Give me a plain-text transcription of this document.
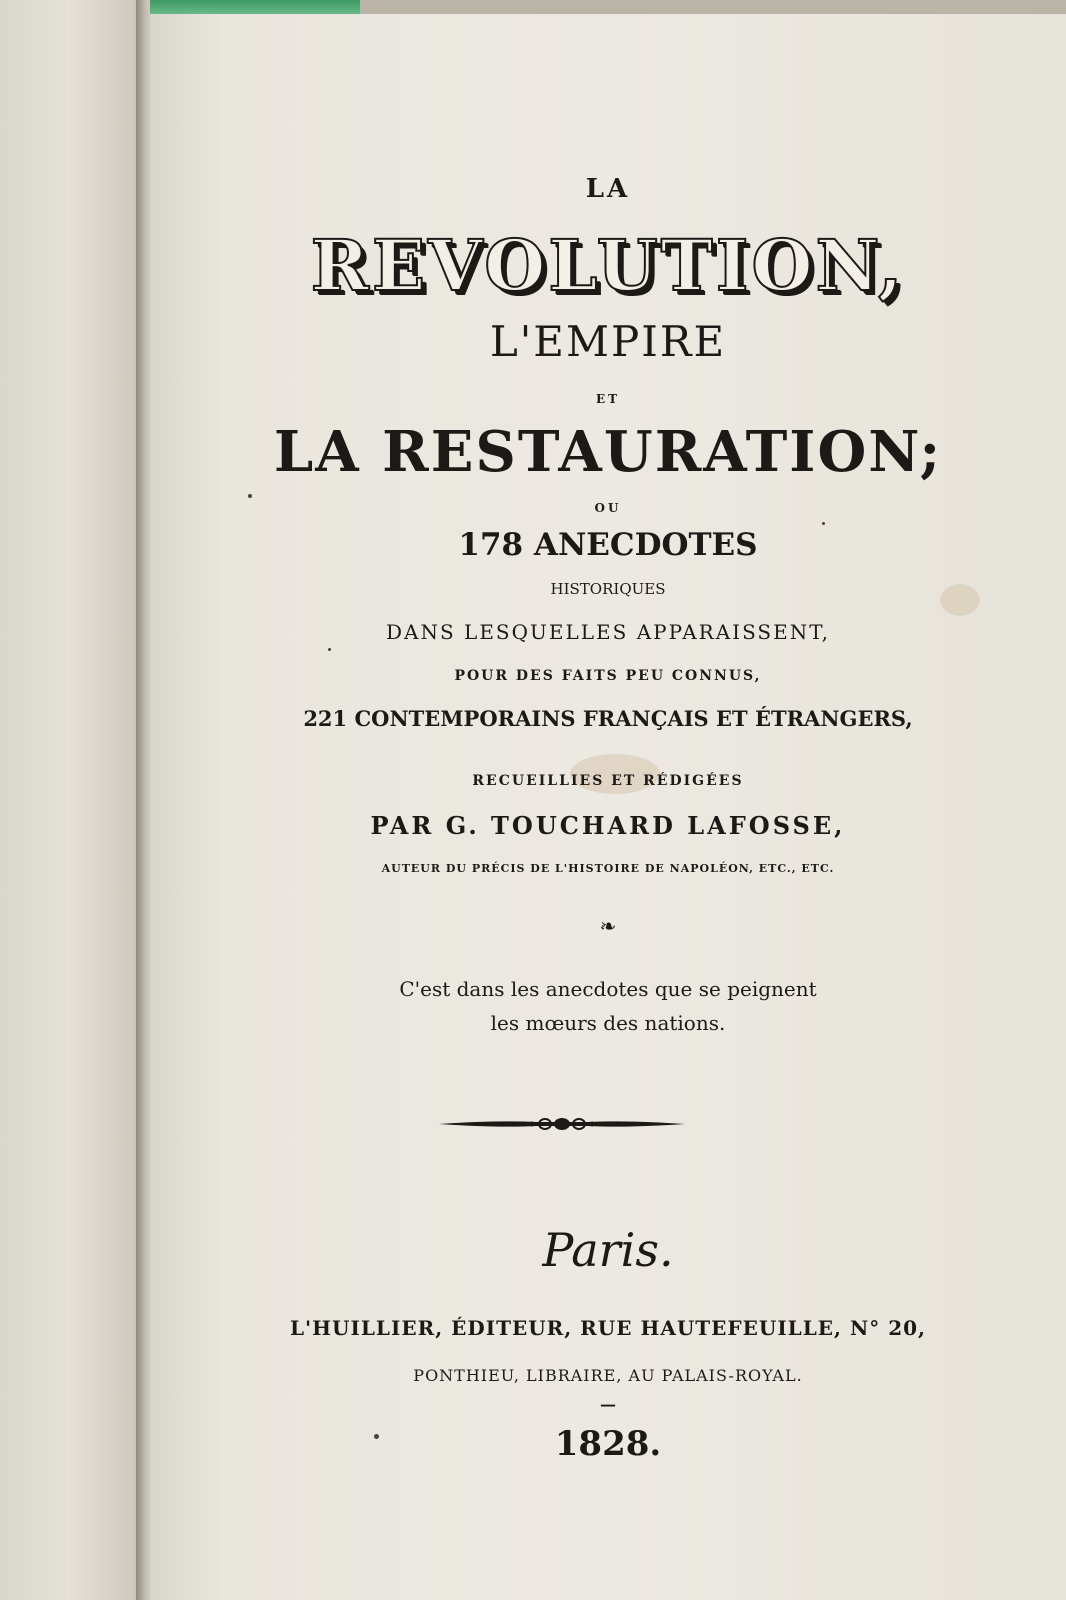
LA
REVOLUTION,
L'EMPIRE
ET
LA RESTAURATION;
OU
178 ANECDOTES
HISTORIQUES
DANS LESQUELLES APPARAISSENT,
POUR DES FAITS PEU CONNUS,
221 CONTEMPORAINS FRANÇAIS ET ÉTRANGERS,
RECUEILLIES ET RÉDIGÉES
PAR G. TOUCHARD LAFOSSE,
AUTEUR DU PRÉCIS DE L'HISTOIRE DE NAPOLÉON, ETC., ETC.
❧
C'est dans les anecdotes que se peignent
les mœurs des nations.
Paris.
L'HUILLIER, ÉDITEUR, RUE HAUTEFEUILLE, N° 20,
PONTHIEU, LIBRAIRE, AU PALAIS-ROYAL.
—
1828.
